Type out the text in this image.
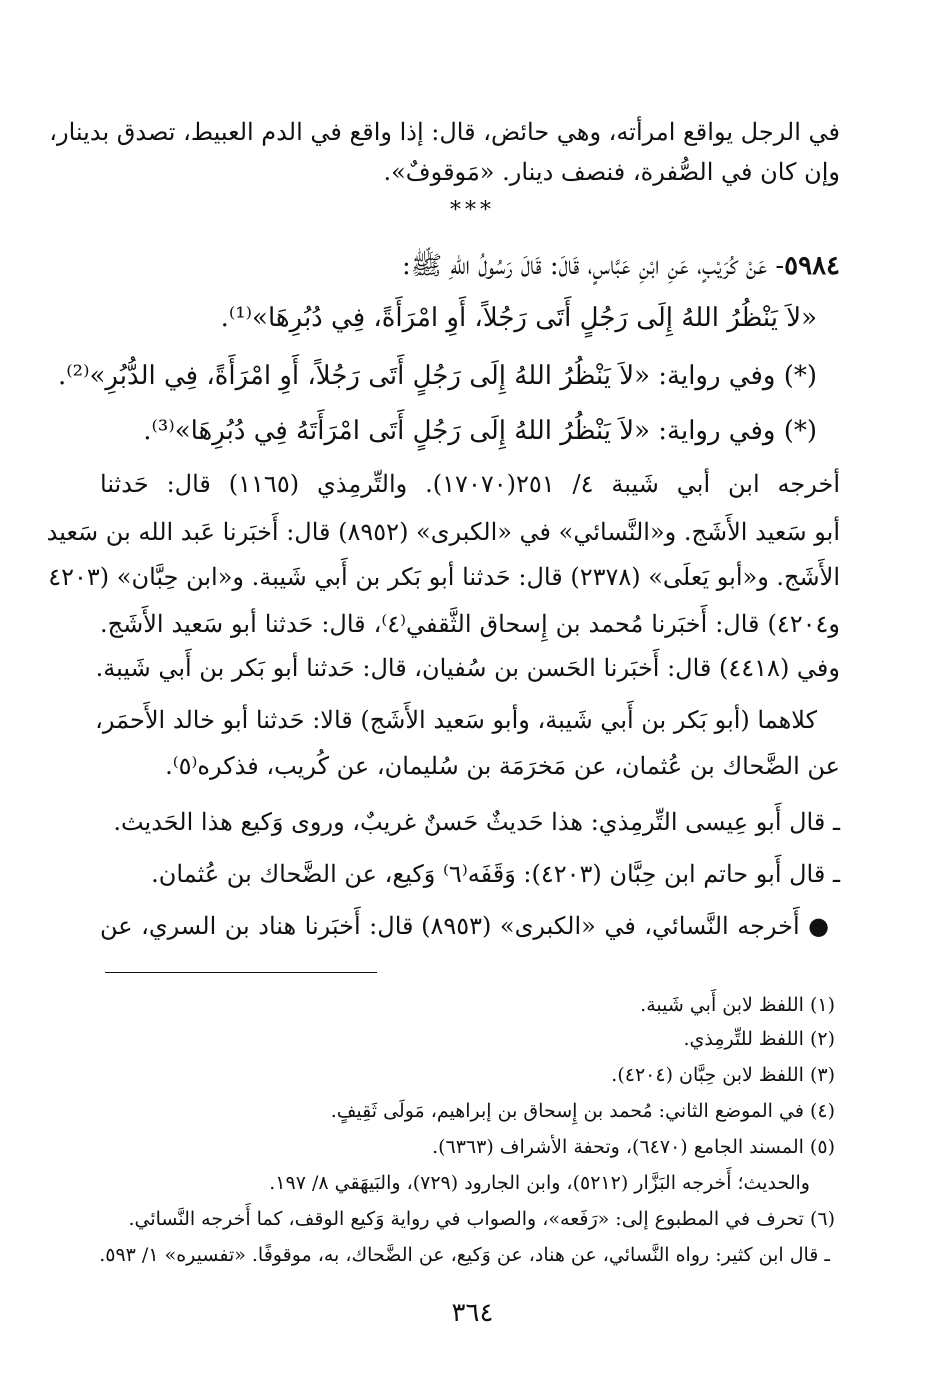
في الرجل يواقع امرأته، وهي حائض، قال: إذا واقع في الدم العبيط، تصدق بدينار،
وإن كان في الصُّفرة، فنصف دينار. «مَوقوفٌ».
***
٥٩٨٤- عَنْ كُرَيْبٍ، عَنِ ابْنِ عَبَّاسٍ، قَالَ: قَالَ رَسُولُ اللهِ ﷺ:
«لاَ يَنْظُرُ اللهُ إِلَى رَجُلٍ أَتَى رَجُلاً، أَوِ امْرَأَةً، فِي دُبُرِهَا»⁽¹⁾.
(*) وفي رواية: «لاَ يَنْظُرُ اللهُ إِلَى رَجُلٍ أَتَى رَجُلاً، أَوِ امْرَأَةً، فِي الدُّبُرِ»⁽²⁾.
(*) وفي رواية: «لاَ يَنْظُرُ اللهُ إِلَى رَجُلٍ أَتَى امْرَأَتَهُ فِي دُبُرِهَا»⁽³⁾.
أخرجه ابن أبي شَيبة ٤/ ٢٥١(١٧٠٧٠). والتِّرمِذي (١١٦٥) قال: حَدثنا
أبو سَعيد الأَشَج. و«النَّسائي» في «الكبرى» (٨٩٥٢) قال: أَخبَرنا عَبد الله بن سَعيد
الأَشَج. و«أبو يَعلَى» (٢٣٧٨) قال: حَدثنا أبو بَكر بن أَبي شَيبة. و«ابن حِبَّان» (٤٢٠٣
و٤٢٠٤) قال: أَخبَرنا مُحمد بن إِسحاق الثَّقفي⁽٤⁾، قال: حَدثنا أبو سَعيد الأَشَج.
وفي (٤٤١٨) قال: أَخبَرنا الحَسن بن سُفيان، قال: حَدثنا أبو بَكر بن أَبي شَيبة.
كلاهما (أبو بَكر بن أَبي شَيبة، وأبو سَعيد الأَشَج) قالا: حَدثنا أبو خالد الأَحمَر،
عن الضَّحاك بن عُثمان، عن مَخرَمَة بن سُليمان، عن كُريب، فذكره⁽٥⁾.
ـ قال أَبو عِيسى التِّرمِذي: هذا حَديثٌ حَسنٌ غريبٌ، وروى وَكيع هذا الحَديث.
ـ قال أَبو حاتم ابن حِبَّان (٤٢٠٣): وَقَفَه⁽٦⁾ وَكيع، عن الضَّحاك بن عُثمان.
● أَخرجه النَّسائي، في «الكبرى» (٨٩٥٣) قال: أَخبَرنا هناد بن السري، عن
(١) اللفظ لابن أَبي شَيبة.
(٢) اللفظ للتِّرمِذي.
(٣) اللفظ لابن حِبَّان (٤٢٠٤).
(٤) في الموضع الثاني: مُحمد بن إِسحاق بن إبراهيم، مَولَى ثَقِيفٍ.
(٥) المسند الجامع (٦٤٧٠)، وتحفة الأشراف (٦٣٦٣).
والحديث؛ أَخرجه البَزَّار (٥٢١٢)، وابن الجارود (٧٢٩)، والبَيهَقي ٨/ ١٩٧.
(٦) تحرف في المطبوع إلى: «رَفَعه»، والصواب في رواية وَكيع الوقف، كما أَخرجه النَّسائي.
ـ قال ابن كثير: رواه النَّسائي، عن هناد، عن وَكيع، عن الضَّحاك، به، موقوفًا. «تفسيره» ١/ ٥٩٣.
٣٦٤
